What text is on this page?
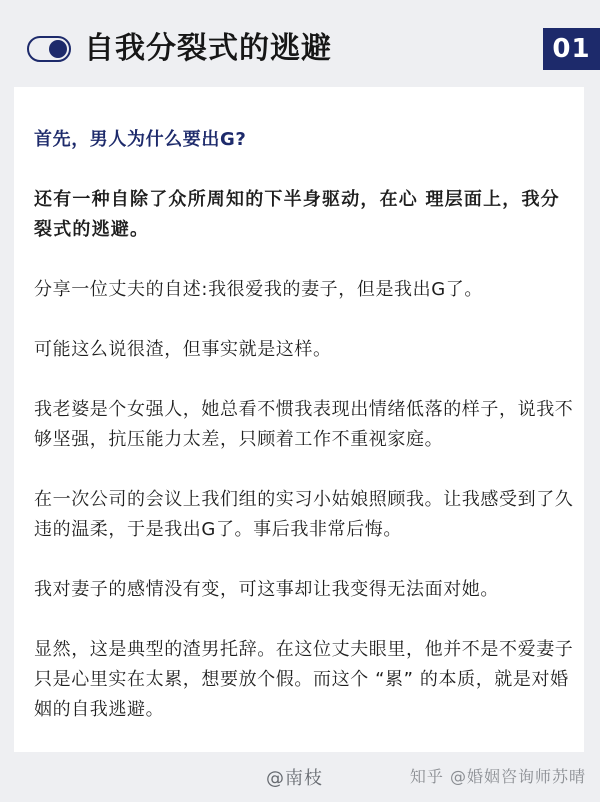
自我分裂式的逃避	01

首先，男人为什么要出G?

还有一种自除了众所周知的下半身驱动，在心 理层面上，我分裂式的逃避。

分享一位丈夫的自述:我很爱我的妻子，但是我出G了。

可能这么说很渣，但事实就是这样。

我老婆是个女强人，她总看不惯我表现出情绪低落的样子，说我不够坚强，抗压能力太差，只顾着工作不重视家庭。

在一次公司的会议上我们组的实习小姑娘照顾我。让我感受到了久违的温柔，于是我出G了。事后我非常后悔。

我对妻子的感情没有变，可这事却让我变得无法面对她。

显然，这是典型的渣男托辞。在这位丈夫眼里，他并不是不爱妻子只是心里实在太累，想要放个假。而这个 “累” 的本质，就是对婚姻的自我逃避。

@南枝	知乎 @婚姻咨询师苏晴
